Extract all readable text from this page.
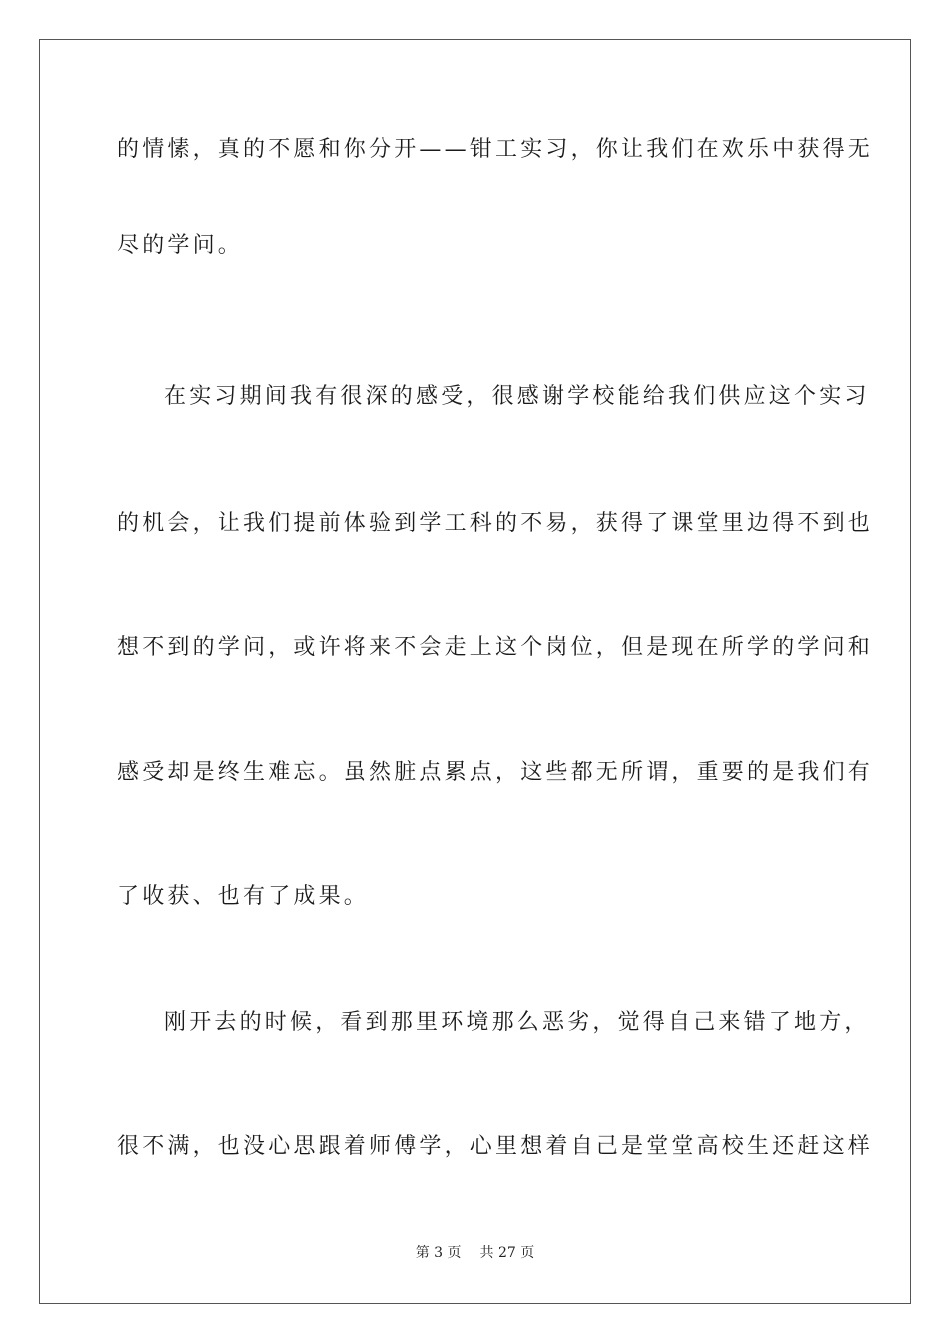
的情愫，真的不愿和你分开——钳工实习，你让我们在欢乐中获得无
尽的学问。
在实习期间我有很深的感受，很感谢学校能给我们供应这个实习
的机会，让我们提前体验到学工科的不易，获得了课堂里边得不到也
想不到的学问，或许将来不会走上这个岗位，但是现在所学的学问和
感受却是终生难忘。虽然脏点累点，这些都无所谓，重要的是我们有
了收获、也有了成果。
刚开去的时候，看到那里环境那么恶劣，觉得自己来错了地方，
很不满，也没心思跟着师傅学，心里想着自己是堂堂高校生还赶这样
第 3 页 共 27 页
